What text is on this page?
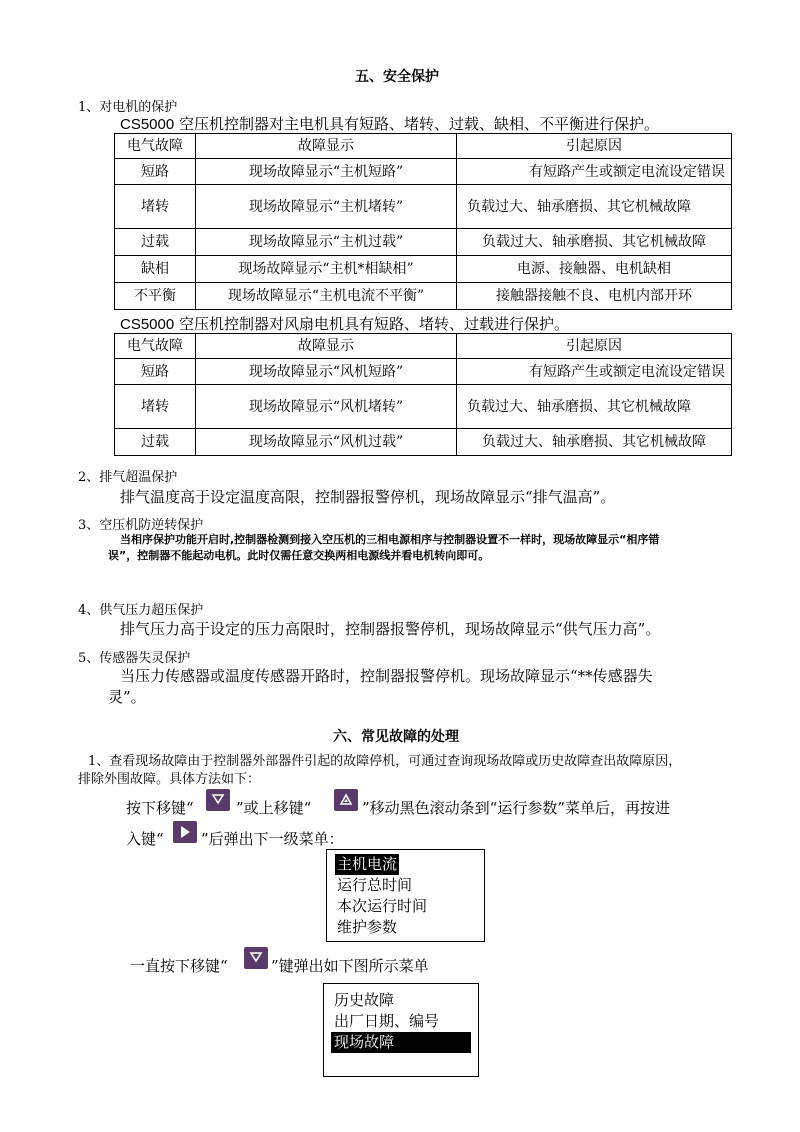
五、安全保护
1、对电机的保护
CS5000 空压机控制器对主电机具有短路、堵转、过载、缺相、不平衡进行保护。
电气故障	故障显示	引起原因
短路	现场故障显示“主机短路”	有短路产生或额定电流设定错误
堵转	现场故障显示“主机堵转”	负载过大、轴承磨损、其它机械故障
过载	现场故障显示“主机过载”	负载过大、轴承磨损、其它机械故障
缺相	现场故障显示“主机*相缺相”	电源、接触器、电机缺相
不平衡	现场故障显示“主机电流不平衡”	接触器接触不良、电机内部开环
CS5000 空压机控制器对风扇电机具有短路、堵转、过载进行保护。
电气故障	故障显示	引起原因
短路	现场故障显示“风机短路”	有短路产生或额定电流设定错误
堵转	现场故障显示“风机堵转”	负载过大、轴承磨损、其它机械故障
过载	现场故障显示“风机过载”	负载过大、轴承磨损、其它机械故障
2、排气超温保护
排气温度高于设定温度高限，控制器报警停机，现场故障显示“排气温高”。
3、空压机防逆转保护
当相序保护功能开启时,控制器检测到接入空压机的三相电源相序与控制器设置不一样时，现场故障显示“相序错
误”，控制器不能起动电机。此时仅需任意交换两相电源线并看电机转向即可。
4、供气压力超压保护
排气压力高于设定的压力高限时，控制器报警停机，现场故障显示“供气压力高”。
5、传感器失灵保护
当压力传感器或温度传感器开路时，控制器报警停机。现场故障显示“**传感器失
灵”。
六、常见故障的处理
1、查看现场故障由于控制器外部器件引起的故障停机，可通过查询现场故障或历史故障查出故障原因，
排除外围故障。具体方法如下：
按下移键“	”或上移键“	”移动黑色滚动条到“运行参数”菜单后，再按进
入键“ ”后弹出下一级菜单：
主机电流
运行总时间
本次运行时间
维护参数
一直按下移键“	”键弹出如下图所示菜单
历史故障
出厂日期、编号
现场故障
